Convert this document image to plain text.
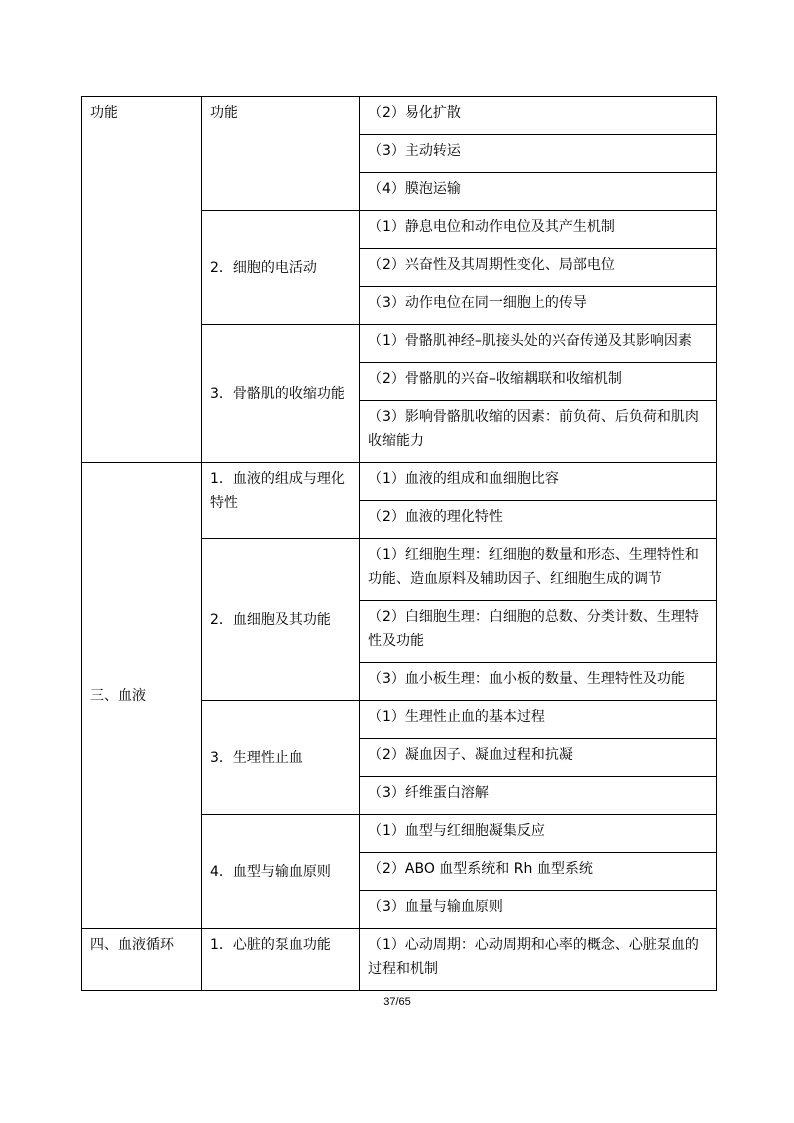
功能	功能	（2）易化扩散
		（3）主动转运
		（4）膜泡运输
	2．细胞的电活动	（1）静息电位和动作电位及其产生机制
		（2）兴奋性及其周期性变化、局部电位
		（3）动作电位在同一细胞上的传导
	3．骨骼肌的收缩功能	（1）骨骼肌神经–肌接头处的兴奋传递及其影响因素
		（2）骨骼肌的兴奋–收缩耦联和收缩机制
		（3）影响骨骼肌收缩的因素：前负荷、后负荷和肌肉收缩能力
三、血液	1．血液的组成与理化特性	（1）血液的组成和血细胞比容
		（2）血液的理化特性
	2．血细胞及其功能	（1）红细胞生理：红细胞的数量和形态、生理特性和功能、造血原料及辅助因子、红细胞生成的调节
		（2）白细胞生理：白细胞的总数、分类计数、生理特性及功能
		（3）血小板生理：血小板的数量、生理特性及功能
	3．生理性止血	（1）生理性止血的基本过程
		（2）凝血因子、凝血过程和抗凝
		（3）纤维蛋白溶解
	4．血型与输血原则	（1）血型与红细胞凝集反应
		（2）ABO 血型系统和 Rh 血型系统
		（3）血量与输血原则
四、血液循环	1．心脏的泵血功能	（1）心动周期：心动周期和心率的概念、心脏泵血的过程和机制
37/65
